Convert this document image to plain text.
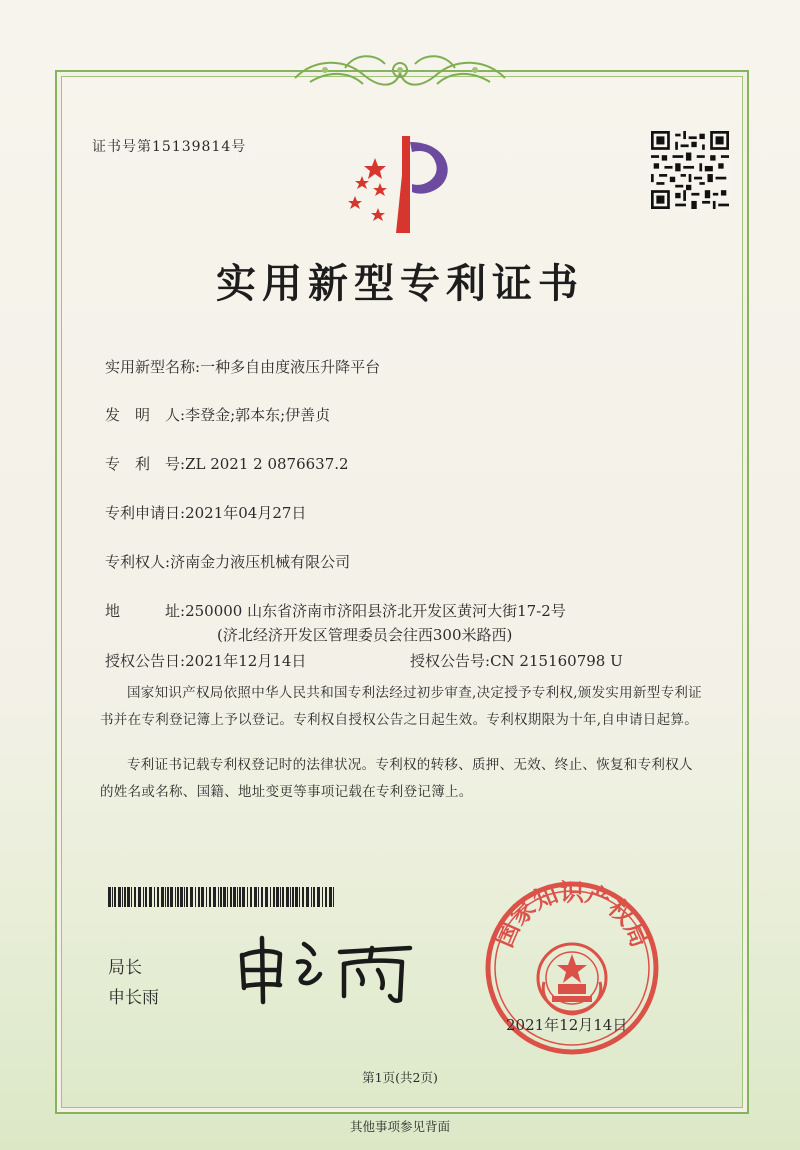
证书号第15139814号
实用新型专利证书
实用新型名称:一种多自由度液压升降平台
发　明　人:李登金;郭本东;伊善贞
专　利　号:ZL 2021 2 0876637.2
专利申请日:2021年04月27日
专利权人:济南金力液压机械有限公司
地　　　址:250000 山东省济南市济阳县济北开发区黄河大街17-2号
(济北经济开发区管理委员会往西300米路西)
授权公告日:2021年12月14日	授权公告号:CN 215160798 U
国家知识产权局依照中华人民共和国专利法经过初步审查,决定授予专利权,颁发实用新型专利证书并在专利登记簿上予以登记。专利权自授权公告之日起生效。专利权期限为十年,自申请日起算。
专利证书记载专利权登记时的法律状况。专利权的转移、质押、无效、终止、恢复和专利权人的姓名或名称、国籍、地址变更等事项记载在专利登记簿上。
局长
申长雨
国家知识产权局
2021年12月14日
第1页(共2页)
其他事项参见背面
